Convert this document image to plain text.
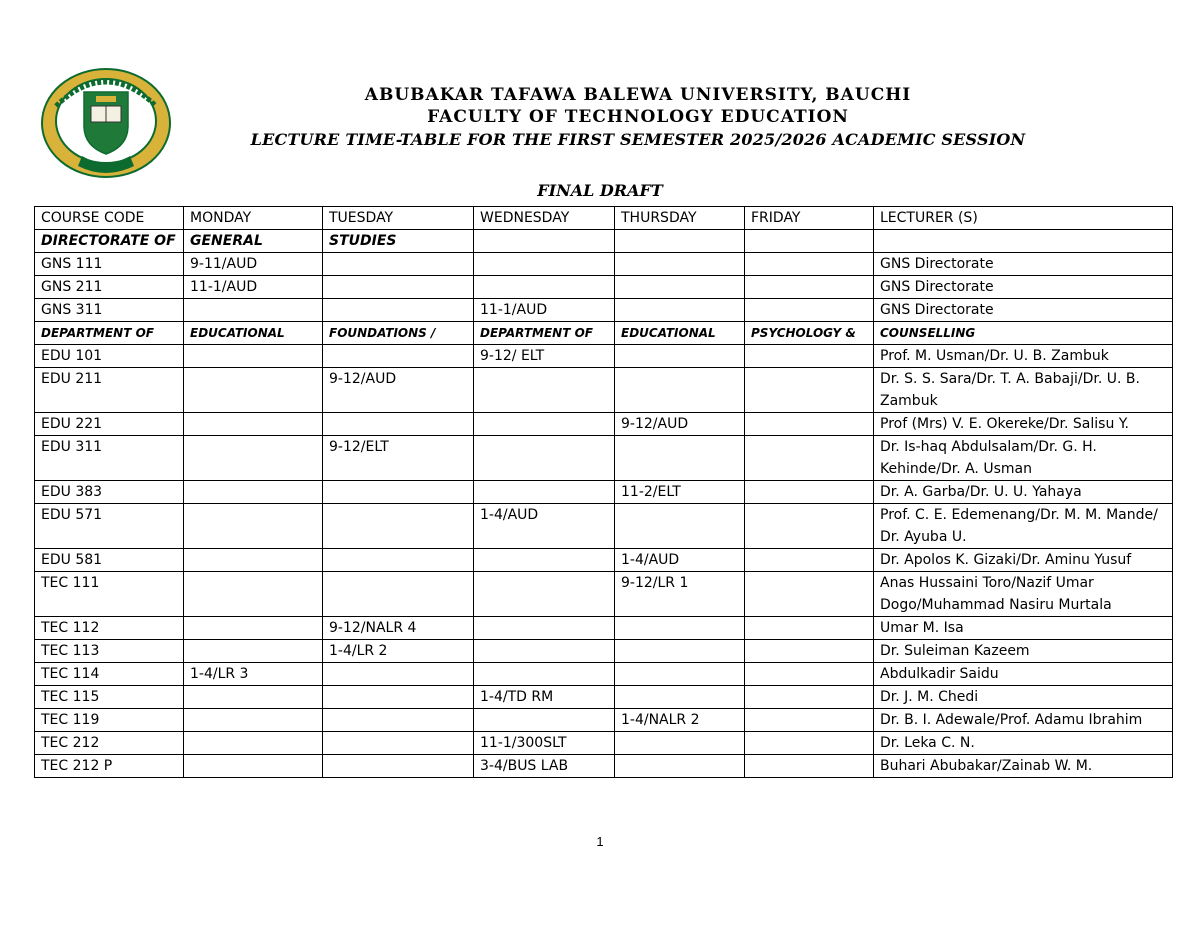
ABUBAKAR TAFAWA BALEWA UNIVERSITY, BAUCHI
FACULTY OF TECHNOLOGY EDUCATION
LECTURE TIME-TABLE FOR THE FIRST SEMESTER 2025/2026 ACADEMIC SESSION
FINAL DRAFT
COURSE CODE	MONDAY	TUESDAY	WEDNESDAY	THURSDAY	FRIDAY	LECTURER (S)
DIRECTORATE OF	GENERAL	STUDIES				
GNS 111	9-11/AUD					GNS Directorate
GNS 211	11-1/AUD					GNS Directorate
GNS 311			11-1/AUD			GNS Directorate
DEPARTMENT OF	EDUCATIONAL	FOUNDATIONS /	DEPARTMENT OF	EDUCATIONAL	PSYCHOLOGY &	COUNSELLING
EDU 101			9-12/ ELT			Prof. M. Usman/Dr. U. B. Zambuk
EDU 211		9-12/AUD				Dr. S. S. Sara/Dr. T. A. Babaji/Dr. U. B. Zambuk
EDU 221				9-12/AUD		Prof (Mrs) V. E. Okereke/Dr. Salisu Y.
EDU 311		9-12/ELT				Dr. Is-haq Abdulsalam/Dr. G. H. Kehinde/Dr. A. Usman
EDU 383				11-2/ELT		Dr. A. Garba/Dr. U. U. Yahaya
EDU 571			1-4/AUD			Prof. C. E. Edemenang/Dr. M. M. Mande/ Dr. Ayuba U.
EDU 581				1-4/AUD		Dr. Apolos K. Gizaki/Dr. Aminu Yusuf
TEC 111				9-12/LR 1		Anas Hussaini Toro/Nazif Umar Dogo/Muhammad Nasiru Murtala
TEC 112		9-12/NALR 4				Umar M. Isa
TEC 113		1-4/LR 2				Dr. Suleiman Kazeem
TEC 114	1-4/LR 3					Abdulkadir Saidu
TEC 115			1-4/TD RM			Dr. J. M. Chedi
TEC 119				1-4/NALR 2		Dr. B. I. Adewale/Prof. Adamu Ibrahim
TEC 212			11-1/300SLT			Dr. Leka C. N.
TEC 212 P			3-4/BUS LAB			Buhari Abubakar/Zainab W. M.
1
